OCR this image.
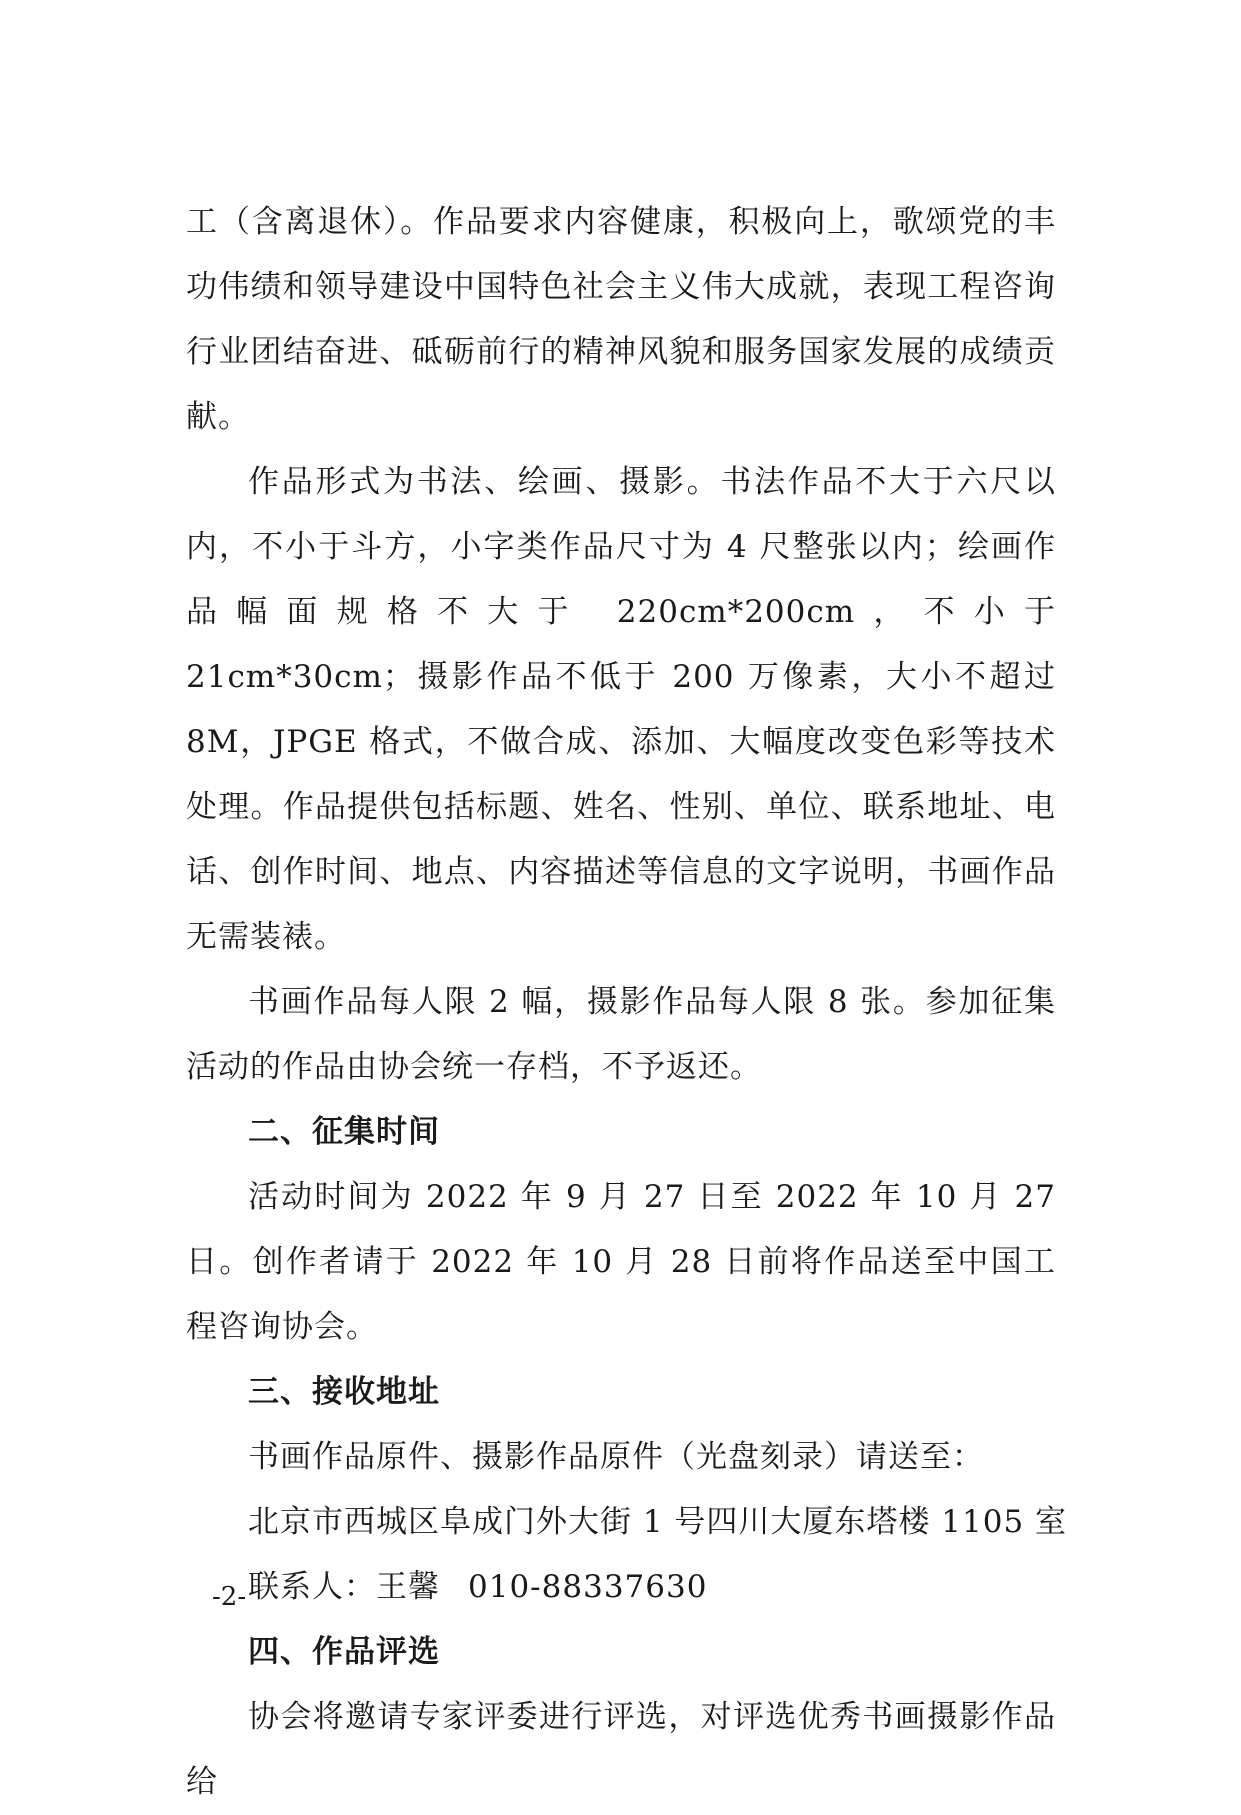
工（含离退休）。作品要求内容健康，积极向上，歌颂党的丰功伟绩和领导建设中国特色社会主义伟大成就，表现工程咨询行业团结奋进、砥砺前行的精神风貌和服务国家发展的成绩贡献。

作品形式为书法、绘画、摄影。书法作品不大于六尺以内，不小于斗方，小字类作品尺寸为 4 尺整张以内；绘画作品幅面规格不大于 220cm*200cm，不小于 21cm*30cm；摄影作品不低于 200 万像素，大小不超过 8M，JPGE 格式，不做合成、添加、大幅度改变色彩等技术处理。作品提供包括标题、姓名、性别、单位、联系地址、电话、创作时间、地点、内容描述等信息的文字说明，书画作品无需装裱。

书画作品每人限 2 幅，摄影作品每人限 8 张。参加征集活动的作品由协会统一存档，不予返还。

二、征集时间

活动时间为 2022 年 9 月 27 日至 2022 年 10 月 27 日。创作者请于 2022 年 10 月 28 日前将作品送至中国工程咨询协会。

三、接收地址

书画作品原件、摄影作品原件（光盘刻录）请送至：

北京市西城区阜成门外大街 1 号四川大厦东塔楼 1105 室

联系人：王馨 010-88337630

四、作品评选

协会将邀请专家评委进行评选，对评选优秀书画摄影作品给

-2-
